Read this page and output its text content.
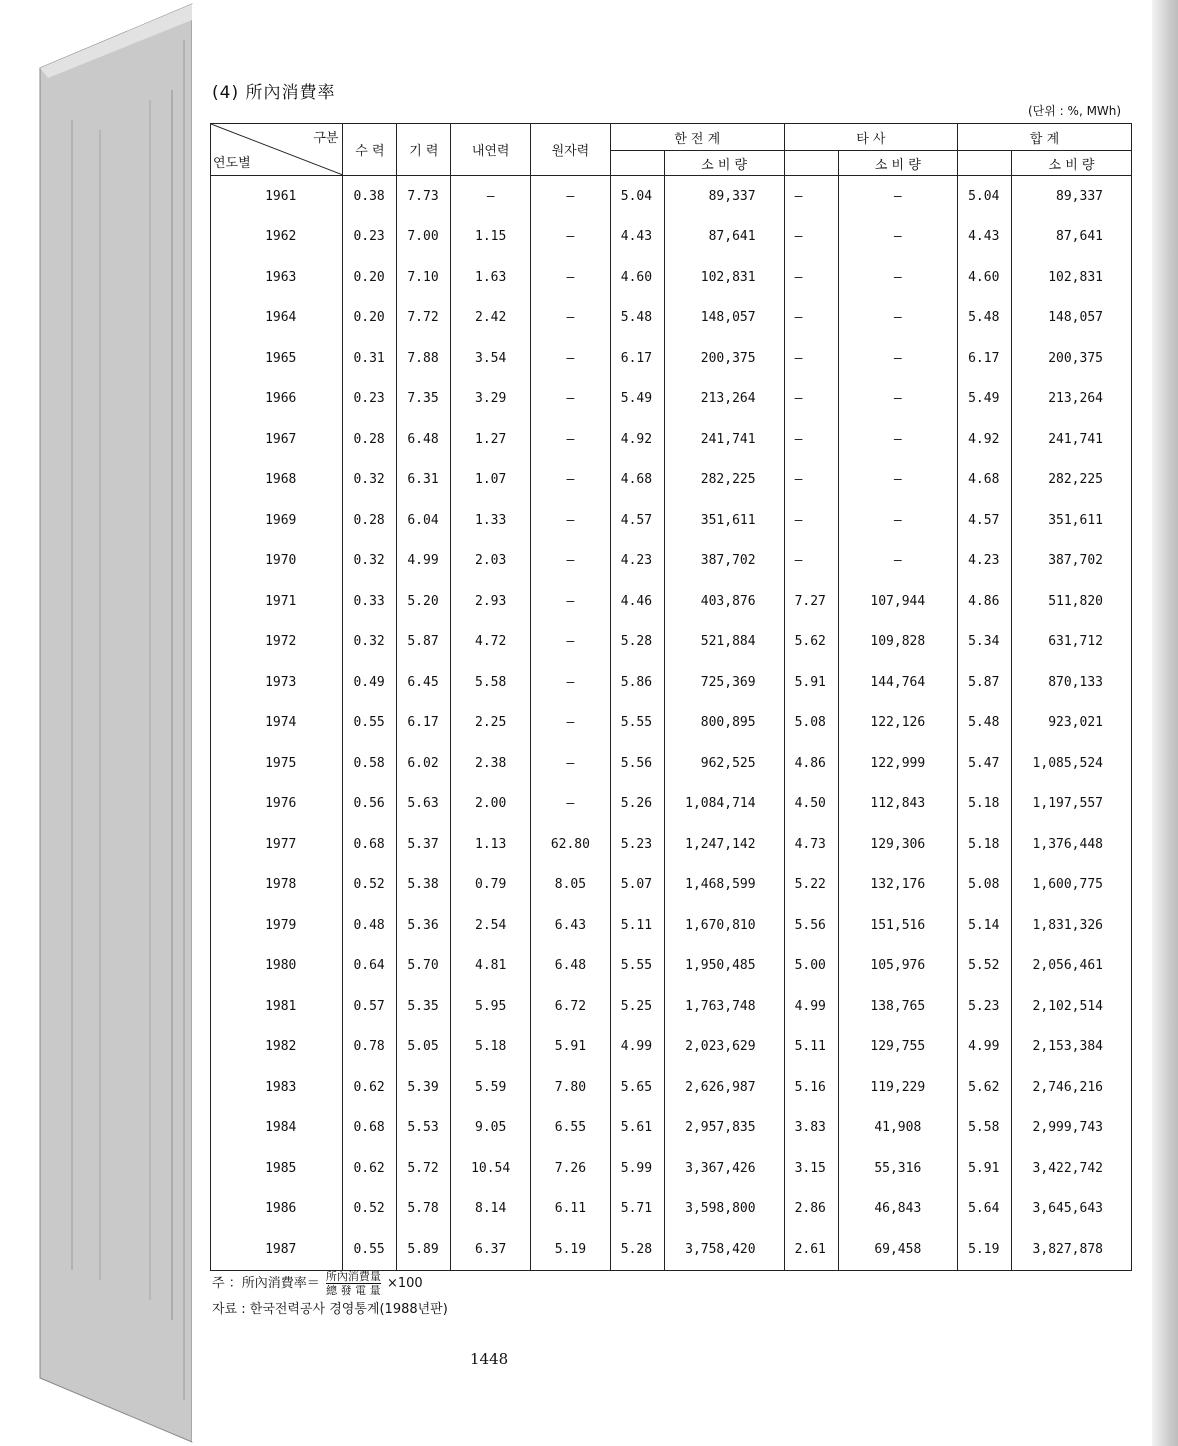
(4) 所內消費率
(단위 : %, MWh)
구분
연도별	수 력	기 력	내연력	원자력	한 전 계		타 사		합 계	
						소 비 량		소 비 량		소 비 량
1961	0.38	7.73	—	—	5.04	89,337	—	—	5.04	89,337
1962	0.23	7.00	1.15	—	4.43	87,641	—	—	4.43	87,641
1963	0.20	7.10	1.63	—	4.60	102,831	—	—	4.60	102,831
1964	0.20	7.72	2.42	—	5.48	148,057	—	—	5.48	148,057
1965	0.31	7.88	3.54	—	6.17	200,375	—	—	6.17	200,375
1966	0.23	7.35	3.29	—	5.49	213,264	—	—	5.49	213,264
1967	0.28	6.48	1.27	—	4.92	241,741	—	—	4.92	241,741
1968	0.32	6.31	1.07	—	4.68	282,225	—	—	4.68	282,225
1969	0.28	6.04	1.33	—	4.57	351,611	—	—	4.57	351,611
1970	0.32	4.99	2.03	—	4.23	387,702	—	—	4.23	387,702
1971	0.33	5.20	2.93	—	4.46	403,876	7.27	107,944	4.86	511,820
1972	0.32	5.87	4.72	—	5.28	521,884	5.62	109,828	5.34	631,712
1973	0.49	6.45	5.58	—	5.86	725,369	5.91	144,764	5.87	870,133
1974	0.55	6.17	2.25	—	5.55	800,895	5.08	122,126	5.48	923,021
1975	0.58	6.02	2.38	—	5.56	962,525	4.86	122,999	5.47	1,085,524
1976	0.56	5.63	2.00	—	5.26	1,084,714	4.50	112,843	5.18	1,197,557
1977	0.68	5.37	1.13	62.80	5.23	1,247,142	4.73	129,306	5.18	1,376,448
1978	0.52	5.38	0.79	8.05	5.07	1,468,599	5.22	132,176	5.08	1,600,775
1979	0.48	5.36	2.54	6.43	5.11	1,670,810	5.56	151,516	5.14	1,831,326
1980	0.64	5.70	4.81	6.48	5.55	1,950,485	5.00	105,976	5.52	2,056,461
1981	0.57	5.35	5.95	6.72	5.25	1,763,748	4.99	138,765	5.23	2,102,514
1982	0.78	5.05	5.18	5.91	4.99	2,023,629	5.11	129,755	4.99	2,153,384
1983	0.62	5.39	5.59	7.80	5.65	2,626,987	5.16	119,229	5.62	2,746,216
1984	0.68	5.53	9.05	6.55	5.61	2,957,835	3.83	41,908	5.58	2,999,743
1985	0.62	5.72	10.54	7.26	5.99	3,367,426	3.15	55,316	5.91	3,422,742
1986	0.52	5.78	8.14	6.11	5.71	3,598,800	2.86	46,843	5.64	3,645,643
1987	0.55	5.89	6.37	5.19	5.28	3,758,420	2.61	69,458	5.19	3,827,878
주 ：所內消費率＝ $\frac{\text{所內消費量}}{\text{總 發 電 量}} \times 100$
자료 : 한국전력공사 경영통계(1988년판)
1448
